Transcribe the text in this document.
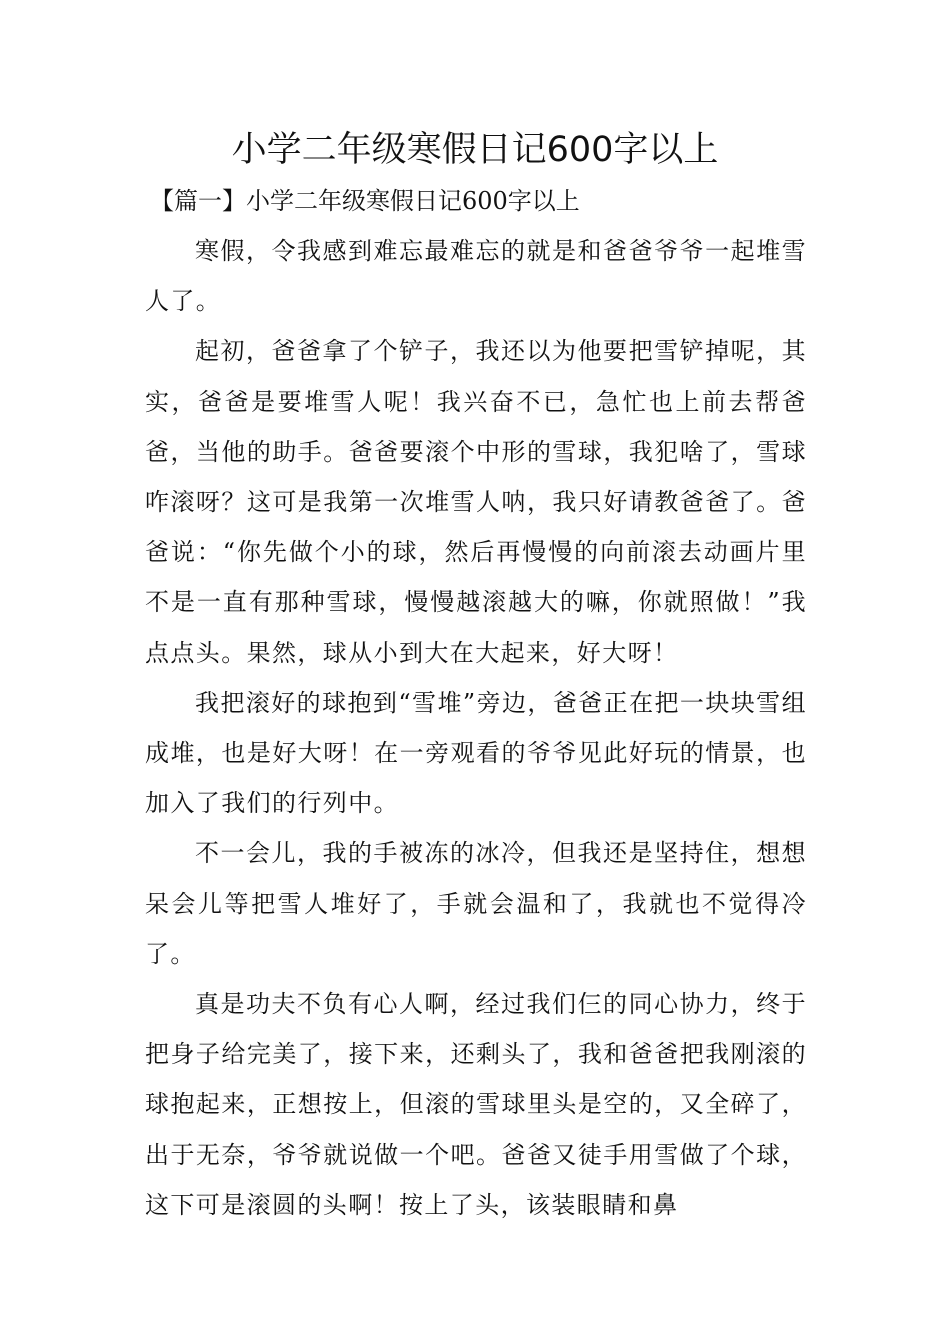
小学二年级寒假日记600字以上
【篇一】小学二年级寒假日记600字以上

寒假，令我感到难忘最难忘的就是和爸爸爷爷一起堆雪人了。

起初，爸爸拿了个铲子，我还以为他要把雪铲掉呢，其实，爸爸是要堆雪人呢！我兴奋不已，急忙也上前去帮爸爸，当他的助手。爸爸要滚个中形的雪球，我犯啥了，雪球咋滚呀？这可是我第一次堆雪人呐，我只好请教爸爸了。爸爸说：“你先做个小的球，然后再慢慢的向前滚去动画片里不是一直有那种雪球，慢慢越滚越大的嘛，你就照做！”我点点头。果然，球从小到大在大起来，好大呀！

我把滚好的球抱到“雪堆”旁边，爸爸正在把一块块雪组成堆，也是好大呀！在一旁观看的爷爷见此好玩的情景，也加入了我们的行列中。

不一会儿，我的手被冻的冰冷，但我还是坚持住，想想呆会儿等把雪人堆好了，手就会温和了，我就也不觉得冷了。

真是功夫不负有心人啊，经过我们仨的同心协力，终于把身子给完美了，接下来，还剩头了，我和爸爸把我刚滚的球抱起来，正想按上，但滚的雪球里头是空的，又全碎了，出于无奈，爷爷就说做一个吧。爸爸又徒手用雪做了个球，这下可是滚圆的头啊！按上了头，该装眼睛和鼻
